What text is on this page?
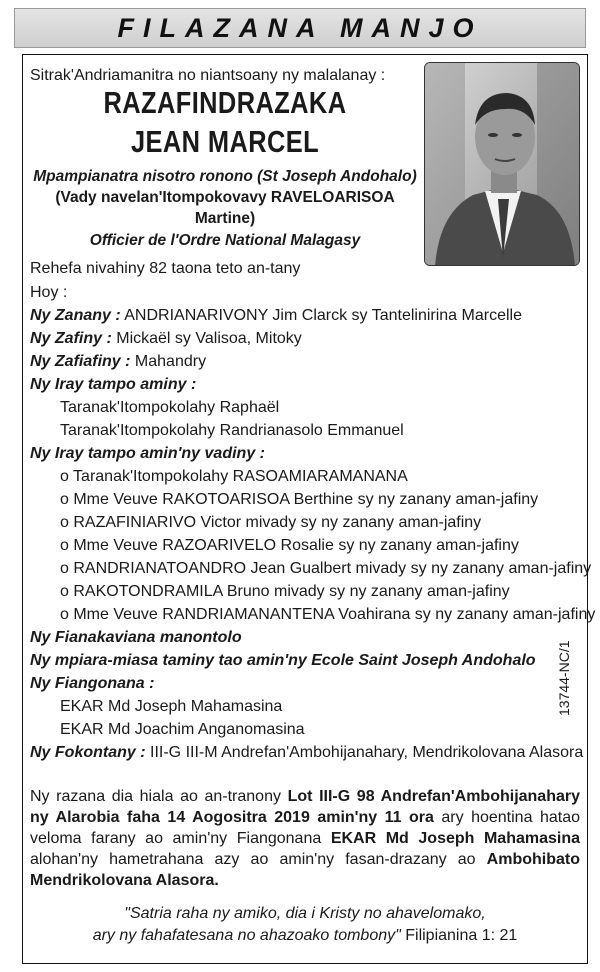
FILAZANA MANJO
Sitrak'Andriamanitra no niantsoany ny malalanay :
RAZAFINDRAZAKA
JEAN MARCEL
Mpampianatra nisotro ronono (St Joseph Andohalo)
(Vady navelan'Itompokovavy RAVELOARISOA
Martine)
Officier de l'Ordre National Malagasy
Rehefa nivahiny 82 taona teto an-tany
Hoy :
Ny Zanany : ANDRIANARIVONY Jim Clarck sy Tantelinirina Marcelle
Ny Zafiny : Mickaël sy Valisoa, Mitoky
Ny Zafiafiny : Mahandry
Ny Iray tampo aminy :
Taranak'Itompokolahy Raphaël
Taranak'Itompokolahy Randrianasolo Emmanuel
Ny Iray tampo amin'ny vadiny :
o Taranak'Itompokolahy RASOAMIARAMANANA
o Mme Veuve RAKOTOARISOA Berthine sy ny zanany aman-jafiny
o RAZAFINIARIVO Victor mivady sy ny zanany aman-jafiny
o Mme Veuve RAZOARIVELO Rosalie sy ny zanany aman-jafiny
o RANDRIANATOANDRO Jean Gualbert mivady sy ny zanany aman-jafiny
o RAKOTONDRAMILA Bruno mivady sy ny zanany aman-jafiny
o Mme Veuve RANDRIAMANANTENA Voahirana sy ny zanany aman-jafiny
Ny Fianakaviana manontolo
Ny mpiara-miasa taminy tao amin'ny Ecole Saint Joseph Andohalo
Ny Fiangonana :
EKAR Md Joseph Mahamasina
EKAR Md Joachim Anganomasina
Ny Fokontany : III-G III-M Andrefan'Ambohijanahary, Mendrikolovana Alasora
13744-NC/1
Ny razana dia hiala ao an-tranony Lot III-G 98 Andrefan'Ambohijanahary ny Alarobia faha 14 Aogositra 2019 amin'ny 11 ora ary hoentina hatao veloma farany ao amin'ny Fiangonana EKAR Md Joseph Mahamasina alohan'ny hametrahana azy ao amin'ny fasan-drazany ao Ambohibato Mendrikolovana Alasora.
"Satria raha ny amiko, dia i Kristy no ahavelomako,
ary ny fahafatesana no ahazoako tombony" Filipianina 1: 21
